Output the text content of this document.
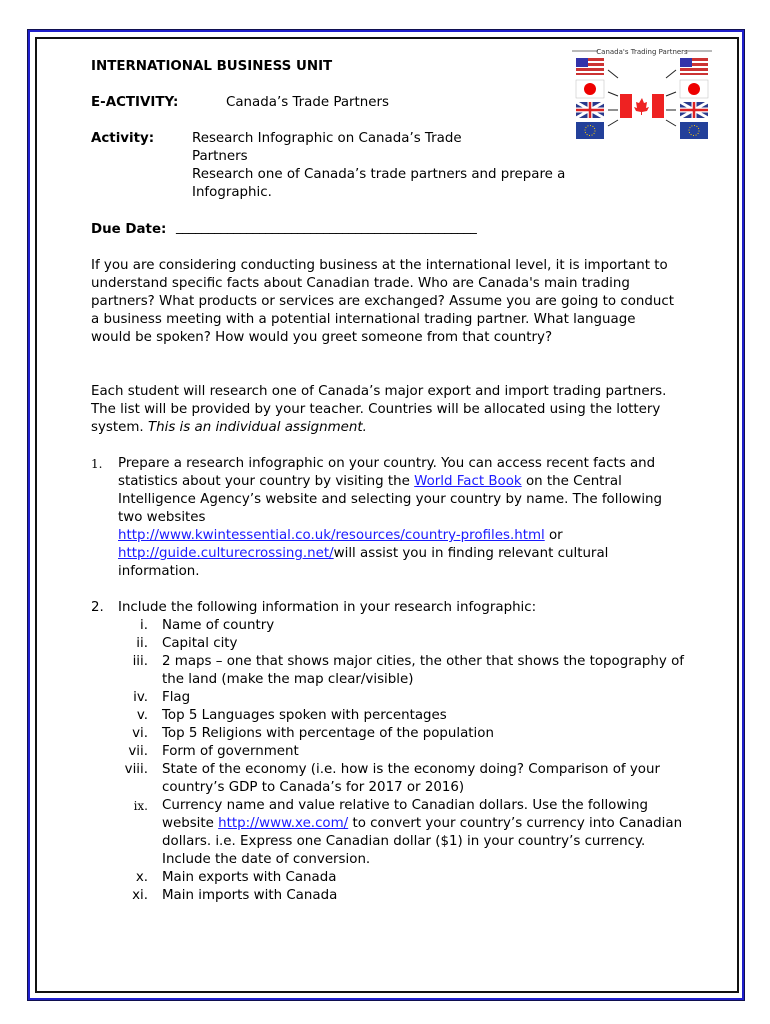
INTERNATIONAL BUSINESS UNIT
E-ACTIVITY:	Canada’s Trade Partners
Activity:	Research Infographic on Canada’s Trade Partners
Research one of Canada’s trade partners and prepare a Infographic.
Canada's Trading Partners
Due Date: _______________________________________________
If you are considering conducting business at the international level, it is important to understand specific facts about Canadian trade. Who are Canada's main trading partners? What products or services are exchanged? Assume you are going to conduct a business meeting with a potential international trading partner. What language would be spoken? How would you greet someone from that country?
Each student will research one of Canada’s major export and import trading partners. The list will be provided by your teacher. Countries will be allocated using the lottery system. This is an individual assignment.
1. Prepare a research infographic on your country. You can access recent facts and statistics about your country by visiting the World Fact Book on the Central Intelligence Agency’s website and selecting your country by name. The following two websites
http://www.kwintessential.co.uk/resources/country-profiles.html or
http://guide.culturecrossing.net/will assist you in finding relevant cultural information.
2. Include the following information in your research infographic:
i.	Name of country
ii.	Capital city
iii.	2 maps – one that shows major cities, the other that shows the topography of the land (make the map clear/visible)
iv.	Flag
v.	Top 5 Languages spoken with percentages
vi.	Top 5 Religions with percentage of the population
vii.	Form of government
viii.	State of the economy (i.e. how is the economy doing? Comparison of your country’s GDP to Canada’s for 2017 or 2016)
ix.	Currency name and value relative to Canadian dollars. Use the following website http://www.xe.com/ to convert your country’s currency into Canadian dollars. i.e. Express one Canadian dollar ($1) in your country’s currency. Include the date of conversion.
x.	Main exports with Canada
xi.	Main imports with Canada
